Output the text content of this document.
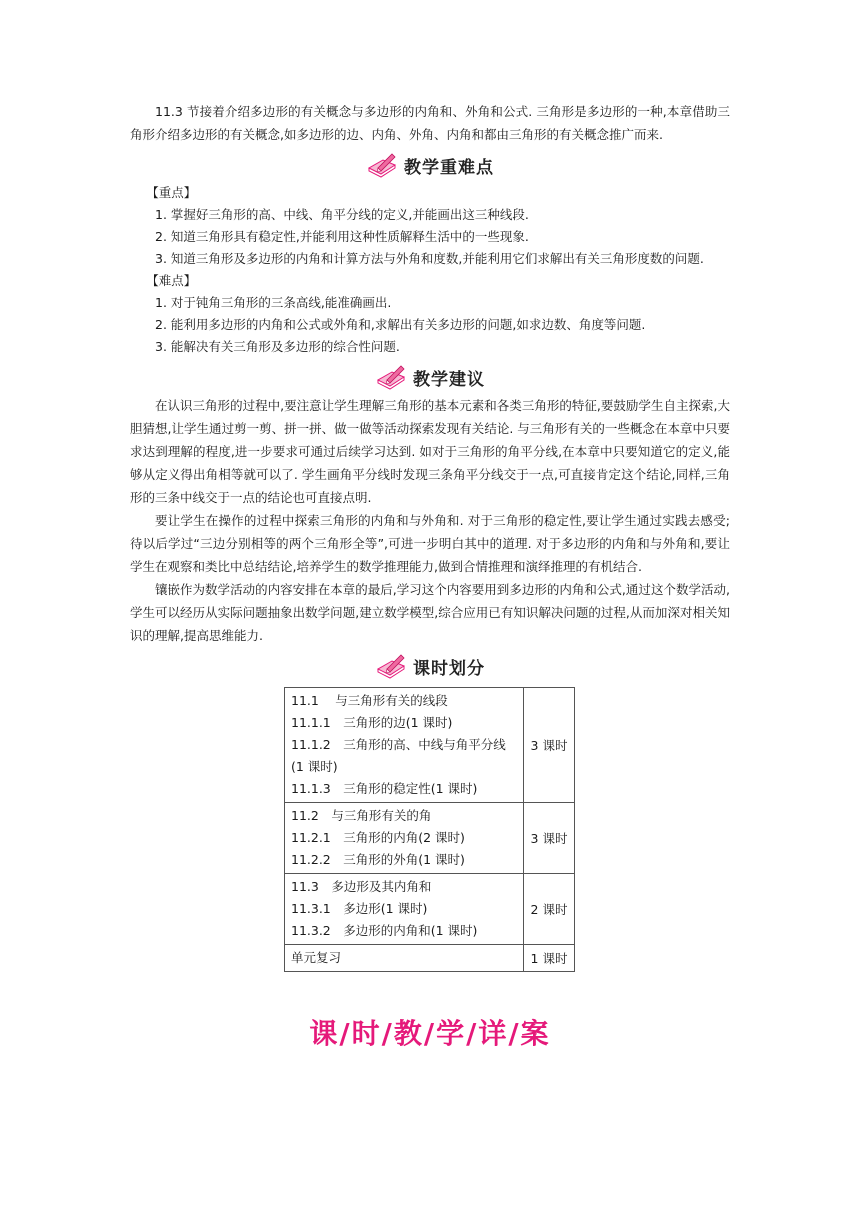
11.3 节接着介绍多边形的有关概念与多边形的内角和、外角和公式. 三角形是多边形的一种,本章借助三角形介绍多边形的有关概念,如多边形的边、内角、外角、内角和都由三角形的有关概念推广而来.

教学重难点

【重点】

1. 掌握好三角形的高、中线、角平分线的定义,并能画出这三种线段.

2. 知道三角形具有稳定性,并能利用这种性质解释生活中的一些现象.

3. 知道三角形及多边形的内角和计算方法与外角和度数,并能利用它们求解出有关三角形度数的问题.

【难点】

1. 对于钝角三角形的三条高线,能准确画出.

2. 能利用多边形的内角和公式或外角和,求解出有关多边形的问题,如求边数、角度等问题.

3. 能解决有关三角形及多边形的综合性问题.

教学建议

在认识三角形的过程中,要注意让学生理解三角形的基本元素和各类三角形的特征,要鼓励学生自主探索,大胆猜想,让学生通过剪一剪、拼一拼、做一做等活动探索发现有关结论. 与三角形有关的一些概念在本章中只要求达到理解的程度,进一步要求可通过后续学习达到. 如对于三角形的角平分线,在本章中只要知道它的定义,能够从定义得出角相等就可以了. 学生画角平分线时发现三条角平分线交于一点,可直接肯定这个结论,同样,三角形的三条中线交于一点的结论也可直接点明.

要让学生在操作的过程中探索三角形的内角和与外角和. 对于三角形的稳定性,要让学生通过实践去感受;待以后学过“三边分别相等的两个三角形全等”,可进一步明白其中的道理. 对于多边形的内角和与外角和,要让学生在观察和类比中总结结论,培养学生的数学推理能力,做到合情推理和演绎推理的有机结合.

镶嵌作为数学活动的内容安排在本章的最后,学习这个内容要用到多边形的内角和公式,通过这个数学活动,学生可以经历从实际问题抽象出数学问题,建立数学模型,综合应用已有知识解决问题的过程,从而加深对相关知识的理解,提高思维能力.

课时划分
11.1　 与三角形有关的线段
11.1.1　三角形的边(1 课时)
11.1.2　三角形的高、中线与角平分线(1 课时)
11.1.3　三角形的稳定性(1 课时)	3 课时

11.2　与三角形有关的角
11.2.1　三角形的内角(2 课时)
11.2.2　三角形的外角(1 课时)	3 课时

11.3　多边形及其内角和
11.3.1　多边形(1 课时)
11.3.2　多边形的内角和(1 课时)	2 课时

单元复习	1 课时
课/时/教/学/详/案
